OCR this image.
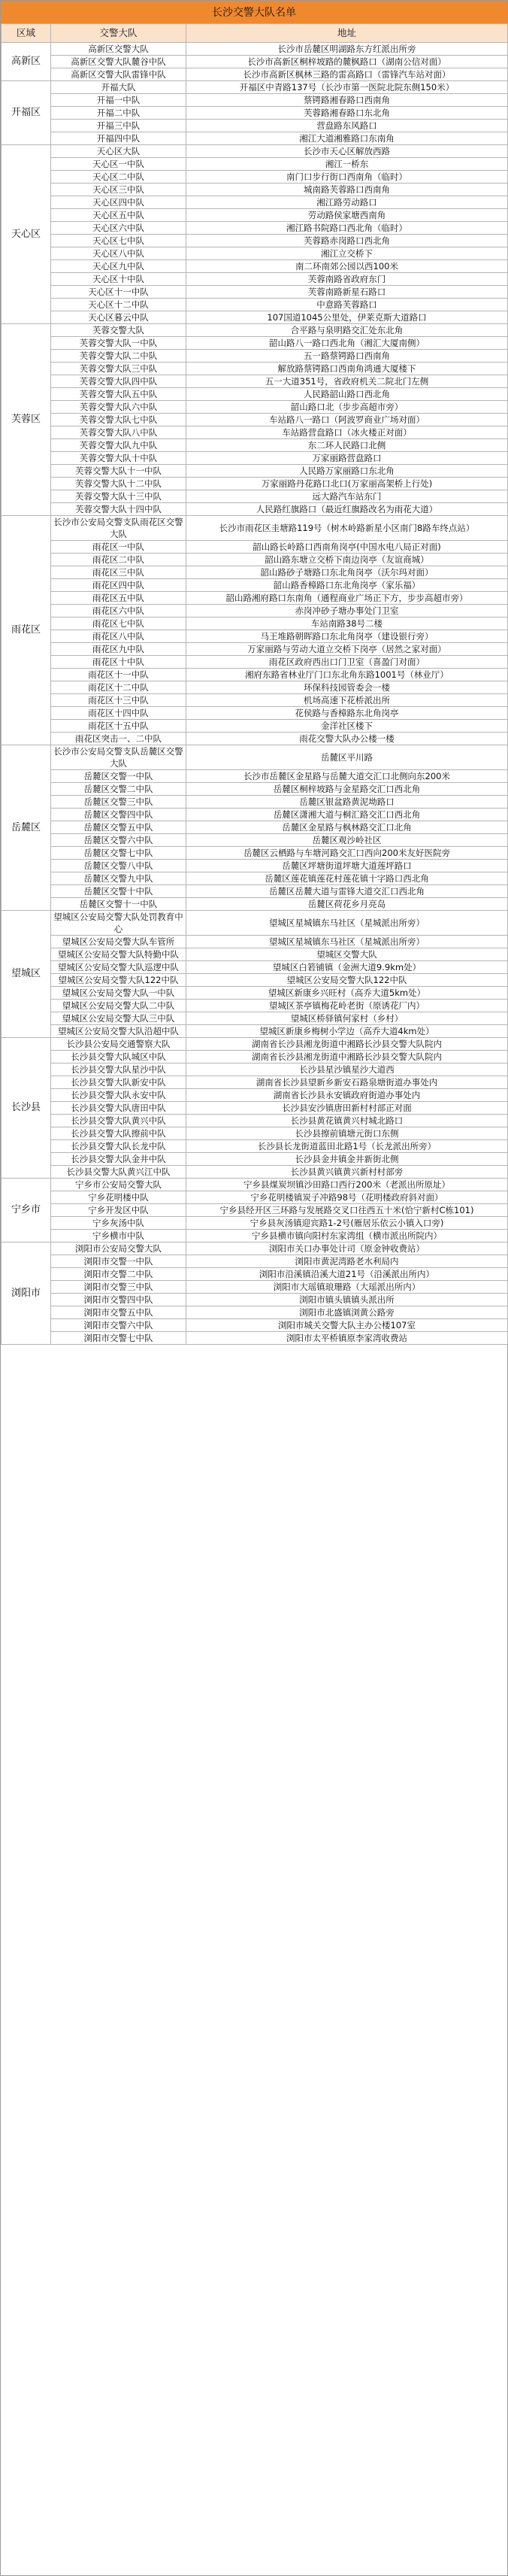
长沙交警大队名单
区域	交警大队	地址
高新区	高新区交警大队	长沙市岳麓区明湖路东方红派出所旁
	高新区交警大队麓谷中队	长沙市高新区桐梓坡路的麓枫路口（湖南公信对面）
	高新区交警大队雷锋中队	长沙市高新区枫林三路的雷高路口（雷锋汽车站对面）
开福区	开福大队	开福区中青路137号（长沙市第一医院北院东侧150米）
	开福一中队	蔡锷路湘春路口西南角
	开福二中队	芙蓉路湘春路口东北角
	开福三中队	营盘路东风路口
	开福四中队	湘江大道湘雅路口东南角
天心区	天心区大队	长沙市天心区解放西路
	天心区一中队	湘江一桥东
	天心区二中队	南门口步行街口西南角（临时）
	天心区三中队	城南路芙蓉路口西南角
	天心区四中队	湘江路劳动路口
	天心区五中队	劳动路侯家塘西南角
	天心区六中队	湘江路书院路口西北角（临时）
	天心区七中队	芙蓉路赤岗路口西北角
	天心区八中队	湘江立交桥下
	天心区九中队	南二环南郊公园以西100米
	天心区十中队	芙蓉南路省政府东门
	天心区十一中队	芙蓉南路新星石路口
	天心区十二中队	中意路芙蓉路口
	天心区暮云中队	107国道1045公里处，伊莱克斯大道路口
芙蓉区	芙蓉交警大队	合平路与泉明路交汇处东北角
	芙蓉交警大队一中队	韶山路八一路口西北角（湘汇大厦南侧）
	芙蓉交警大队二中队	五一路蔡锷路口西南角
	芙蓉交警大队三中队	解放路蔡锷路口西南角鸿通大厦楼下
	芙蓉交警大队四中队	五一大道351号，省政府机关二院北门左侧
	芙蓉交警大队五中队	人民路韶山路口西北角
	芙蓉交警大队六中队	韶山路口北（步步高超市旁）
	芙蓉交警大队七中队	车站路八一路口（阿波罗商业广场对面）
	芙蓉交警大队八中队	车站路营盘路口（冰火楼正对面）
	芙蓉交警大队九中队	东二环人民路口北侧
	芙蓉交警大队十中队	万家丽路营盘路口
	芙蓉交警大队十一中队	人民路万家丽路口东北角
	芙蓉交警大队十二中队	万家丽路丹花路口北口(万家丽高架桥上行处)
	芙蓉交警大队十三中队	远大路汽车站东门
	芙蓉交警大队十四中队	人民路红旗路口（最近红旗路改名为雨花大道）
雨花区	长沙市公安局交警支队雨花区交警大队	长沙市雨花区圭塘路119号（树木岭路新星小区南门8路车终点站）
	雨花区一中队	韶山路长岭路口西南角岗亭(中国水电八局正对面)
	雨花区二中队	韶山路东塘立交桥下南边岗亭（友谊商城）
	雨花区三中队	韶山路砂子塘路口东北角岗亭（沃尔玛对面）
	雨花区四中队	韶山路香樟路口东北角岗亭（家乐福）
	雨花区五中队	韶山路湘府路口东南角（通程商业广场正下方，步步高超市旁）
	雨花区六中队	赤岗冲砂子塘办事处门卫室
	雨花区七中队	车站南路38号二楼
	雨花区八中队	马王堆路朝晖路口东北角岗亭（建设银行旁）
	雨花区九中队	万家丽路与劳动大道立交桥下岗亭（居然之家对面）
	雨花区十中队	雨花区政府西出口门卫室（喜盈门对面）
	雨花区十一中队	湘府东路省林业厅门口东北角东路1001号（林业厅）
	雨花区十二中队	环保科技园管委会一楼
	雨花区十三中队	机场高速下花桥派出所
	雨花区十四中队	花侯路与香樟路东北角岗亭
	雨花区十五中队	金洋社区楼下
	雨花区突击一、二中队	雨花交警大队办公楼一楼
岳麓区	长沙市公安局交警支队岳麓区交警大队	岳麓区平川路
	岳麓区交警一中队	长沙市岳麓区金星路与岳麓大道交汇口北侧向东200米
	岳麓区交警二中队	岳麓区桐梓坡路与金星路交汇口西北角
	岳麓区交警三中队	岳麓区银盆路黄泥坳路口
	岳麓区交警四中队	岳麓区潇湘大道与桐汇路交汇口西北角
	岳麓区交警五中队	岳麓区金星路与枫林路交汇口北角
	岳麓区交警六中队	岳麓区观沙岭社区
	岳麓区交警七中队	岳麓区云栖路与车塘河路交汇口西向200米友好医院旁
	岳麓区交警八中队	岳麓区坪塘街道坪塘大道莲坪路口
	岳麓区交警九中队	岳麓区莲花镇莲花村莲花镇十字路口西北角
	岳麓区交警十中队	岳麓区岳麓大道与雷锋大道交汇口西北角
	岳麓区交警十一中队	岳麓区荷花乡月亮岛
望城区	望城区公安局交警大队处罚教育中心	望城区星城镇东马社区（星城派出所旁）
	望城区公安局交警大队车管所	望城区星城镇东马社区（星城派出所旁）
	望城区公安局交警大队特勤中队	望城区交警大队
	望城区公安局交警大队巡逻中队	望城区白箬铺镇（金洲大道9.9km处）
	望城区公安局交警大队122中队	望城区公安局交警大队122中队
	望城区公安局交警大队一中队	望城区新康乡兴旺村（高乔大道5km处）
	望城区公安局交警大队二中队	望城区茶亭镇梅花岭老街（原诱花厂内）
	望城区公安局交警大队三中队	望城区桥驿镇何家村（乡村）
	望城区公安局交警大队沿超中队	望城区新康乡梅树小学边（高乔大道4km处）
长沙县	长沙县公安局交通警察大队	湖南省长沙县湘龙街道中湘路长沙县交警大队院内
	长沙县交警大队城区中队	湖南省长沙县湘龙街道中湘路长沙县交警大队院内
	长沙县交警大队星沙中队	长沙县星沙镇星沙大道西
	长沙县交警大队新安中队	湖南省长沙县望新乡新安石路泉塘街道办事处内
	长沙县交警大队永安中队	湖南省长沙县永安镇政府街道办事处内
	长沙县交警大队唐田中队	长沙县安沙镇唐田新村村部正对面
	长沙县交警大队黄兴中队	长沙县黄花镇黄兴村城北路口
	长沙县交警大队擦前中队	长沙县擦前镇塘元街口东侧
	长沙县交警大队长龙中队	长沙县长龙街道蓝田北路1号（长龙派出所旁）
	长沙县交警大队金井中队	长沙县金井镇金井新街北侧
	长沙县交警大队黄兴江中队	长沙县黄兴镇黄兴新村村部旁
宁乡市	宁乡市公安局交警大队	宁乡县煤炭坝镇沙田路口西行200米（老派出所原址）
	宁乡花明楼中队	宁乡花明楼镇炭子冲路98号（花明楼政府斜对面）
	宁乡开发区中队	宁乡县经开区三环路与发展路交叉口往西五十米(恰宁新村C栋101)
	宁乡灰汤中队	宁乡县灰汤镇迎宾路1-2号(雁居乐依云小镇入口旁)
	宁乡横市中队	宁乡县横市镇向阳村东家湾组（横市派出所院内）
浏阳市	浏阳市公安局交警大队	浏阳市关口办事处计司（原金钟收费站）
	浏阳市交警一中队	浏阳市黄泥湾路老水利局内
	浏阳市交警二中队	浏阳市沿溪镇沿溪大道21号（沿溪派出所内）
	浏阳市交警三中队	浏阳市大瑶镇琅珊路（大瑶派出所内）
	浏阳市交警四中队	浏阳市镇头镇镇头派出所
	浏阳市交警五中队	浏阳市北盛镇浏黄公路旁
	浏阳市交警六中队	浏阳市城关交警大队主办公楼107室
	浏阳市交警七中队	浏阳市太平桥镇原李家湾收费站
